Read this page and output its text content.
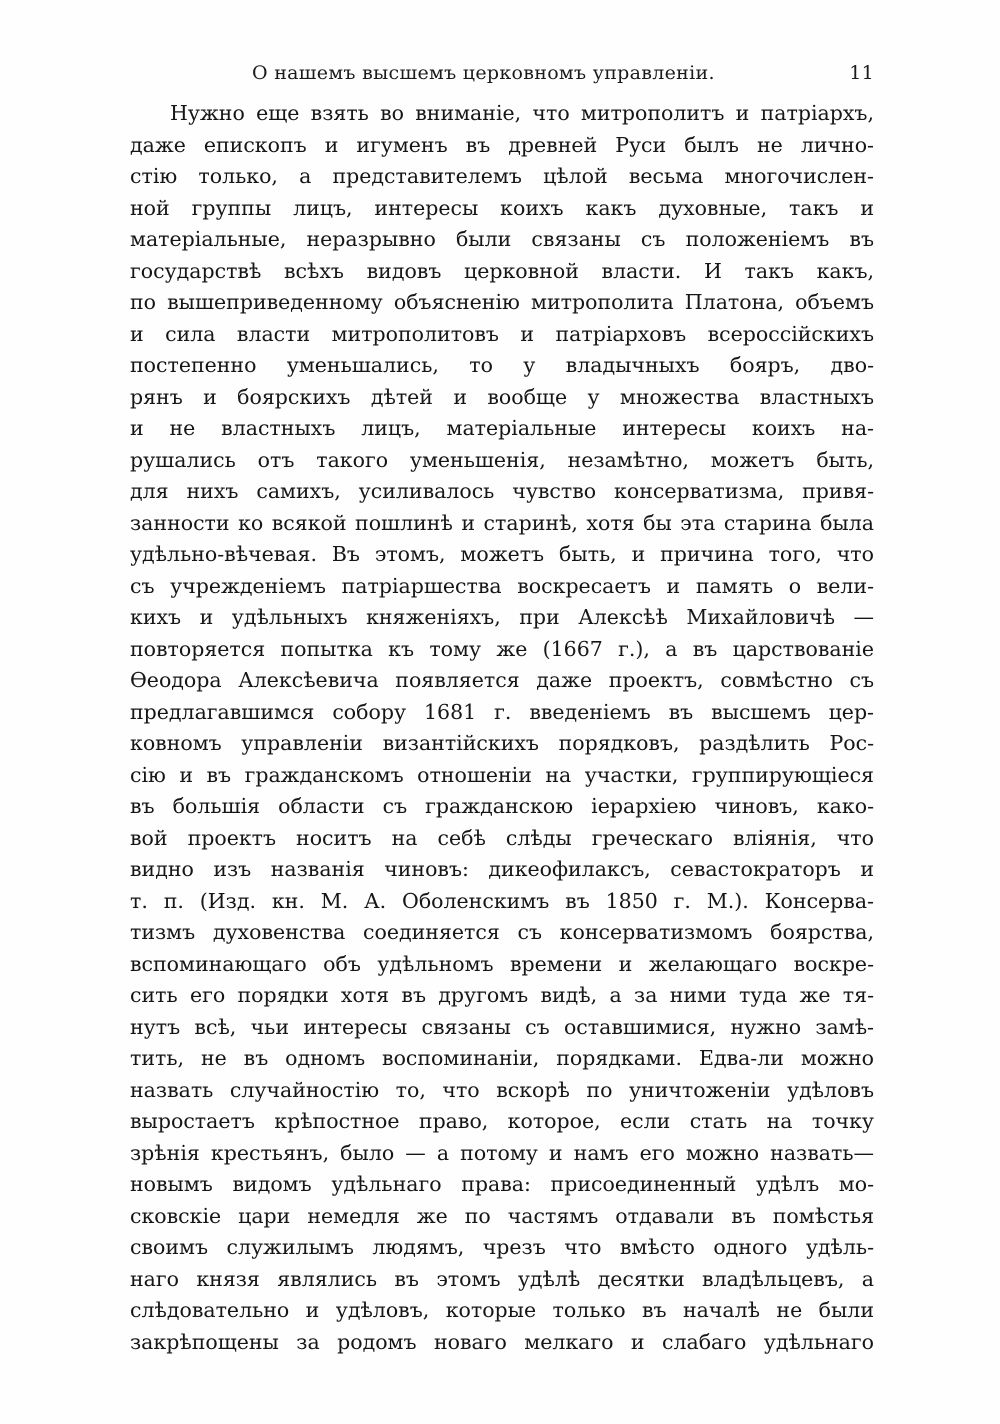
О нашемъ высшемъ церковномъ управленіи.	11
Нужно еще взять во вниманіе, что митрополитъ и патріархъ,
даже епископъ и игуменъ въ древней Руси былъ не лично-
стію только, а представителемъ цѣлой весьма многочислен-
ной группы лицъ, интересы коихъ какъ духовные, такъ и
матеріальные, неразрывно были связаны съ положеніемъ въ
государствѣ всѣхъ видовъ церковной власти. И такъ какъ,
по вышеприведенному объясненію митрополита Платона, объемъ
и сила власти митрополитовъ и патріарховъ всероссійскихъ
постепенно уменьшались, то у владычныхъ бояръ, дво-
рянъ и боярскихъ дѣтей и вообще у множества властныхъ
и не властныхъ лицъ, матеріальные интересы коихъ на-
рушались отъ такого уменьшенія, незамѣтно, можетъ быть,
для нихъ самихъ, усиливалось чувство консерватизма, привя-
занности ко всякой пошлинѣ и старинѣ, хотя бы эта старина была
удѣльно-вѣчевая. Въ этомъ, можетъ быть, и причина того, что
съ учрежденіемъ патріаршества воскресаетъ и память о вели-
кихъ и удѣльныхъ княженіяхъ, при Алексѣѣ Михайловичѣ —
повторяется попытка къ тому же (1667 г.), а въ царствованіе
Ѳеодора Алексѣевича появляется даже проектъ, совмѣстно съ
предлагавшимся собору 1681 г. введеніемъ въ высшемъ цер-
ковномъ управленіи византійскихъ порядковъ, раздѣлить Рос-
сію и въ гражданскомъ отношеніи на участки, группирующіеся
въ большія области съ гражданскою іерархіею чиновъ, како-
вой проектъ носитъ на себѣ слѣды греческаго вліянія, что
видно изъ названія чиновъ: дикеофилаксъ, севастократоръ и
т. п. (Изд. кн. М. А. Оболенскимъ въ 1850 г. М.). Консерва-
тизмъ духовенства соединяется съ консерватизмомъ боярства,
вспоминающаго объ удѣльномъ времени и желающаго воскре-
сить его порядки хотя въ другомъ видѣ, а за ними туда же тя-
нутъ всѣ, чьи интересы связаны съ оставшимися, нужно замѣ-
тить, не въ одномъ воспоминаніи, порядками. Едва-ли можно
назвать случайностію то, что вскорѣ по уничтоженіи удѣловъ
выростаетъ крѣпостное право, которое, если стать на точку
зрѣнія крестьянъ, было — а потому и намъ его можно назвать—
новымъ видомъ удѣльнаго права: присоединенный удѣлъ мо-
сковскіе цари немедля же по частямъ отдавали въ помѣстья
своимъ служилымъ людямъ, чрезъ что вмѣсто одного удѣль-
наго князя являлись въ этомъ удѣлѣ десятки владѣльцевъ, а
слѣдовательно и удѣловъ, которые только въ началѣ не были
закрѣпощены за родомъ новаго мелкаго и слабаго удѣльнаго
